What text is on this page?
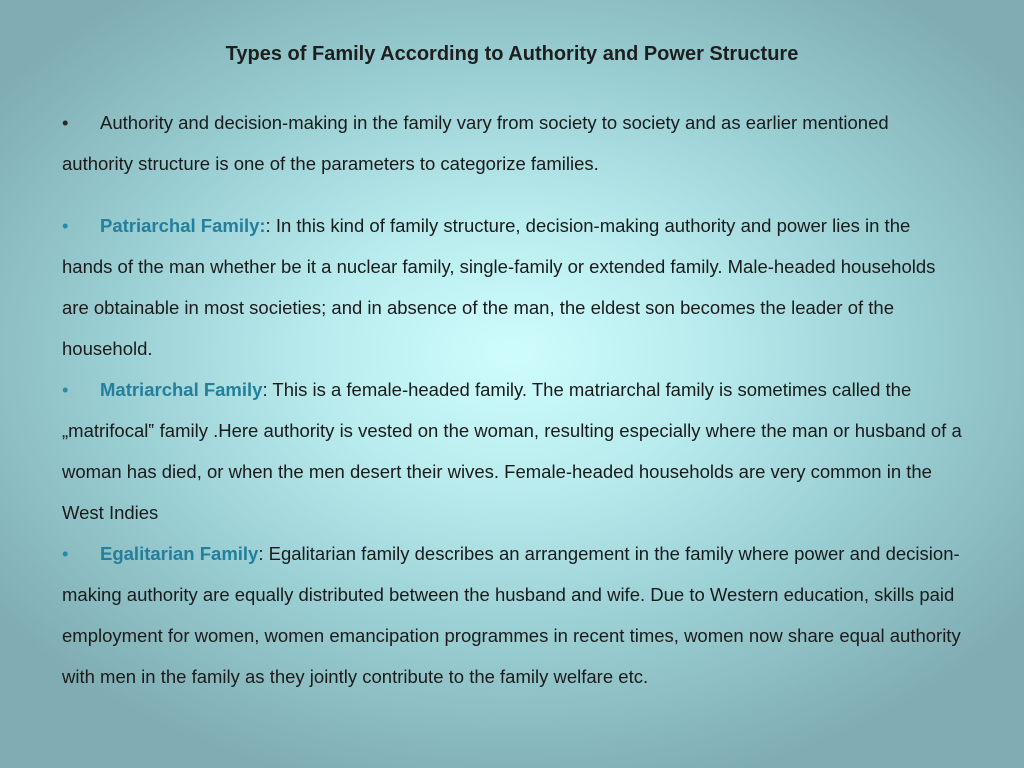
Types of Family According to Authority and Power Structure

• Authority and decision-making in the family vary from society to society and as earlier mentioned authority structure is one of the parameters to categorize families.

• Patriarchal Family:: In this kind of family structure, decision-making authority and power lies in the hands of the man whether be it a nuclear family, single-family or extended family. Male-headed households are obtainable in most societies; and in absence of the man, the eldest son becomes the leader of the household.

• Matriarchal Family: This is a female-headed family. The matriarchal family is sometimes called the „matrifocal‟ family .Here authority is vested on the woman, resulting especially where the man or husband of a woman has died, or when the men desert their wives. Female-headed households are very common in the West Indies

• Egalitarian Family: Egalitarian family describes an arrangement in the family where power and decision-making authority are equally distributed between the husband and wife. Due to Western education, skills paid employment for women, women emancipation programmes in recent times, women now share equal authority with men in the family as they jointly contribute to the family welfare etc.
